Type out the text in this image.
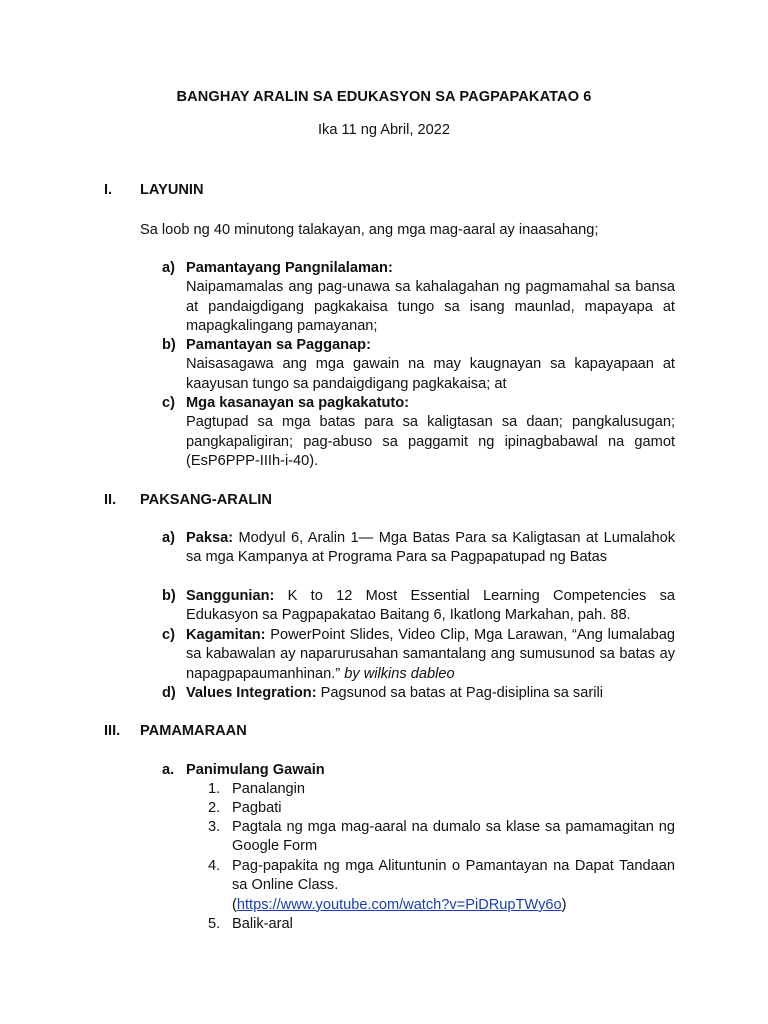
BANGHAY ARALIN SA EDUKASYON SA PAGPAPAKATAO 6
Ika 11 ng Abril, 2022
I. LAYUNIN
Sa loob ng 40 minutong talakayan, ang mga mag-aaral ay inaasahang;
a) Pamantayang Pangnilalaman:
Naipamamalas ang pag-unawa sa kahalagahan ng pagmamahal sa bansa at pandaigdigang pagkakaisa tungo sa isang maunlad, mapayapa at mapagkalingang pamayanan;
b) Pamantayan sa Pagganap:
Naisasagawa ang mga gawain na may kaugnayan sa kapayapaan at kaayusan tungo sa pandaigdigang pagkakaisa; at
c) Mga kasanayan sa pagkakatuto:
Pagtupad sa mga batas para sa kaligtasan sa daan; pangkalusugan; pangkapaligiran; pag-abuso sa paggamit ng ipinagbabawal na gamot (EsP6PPP-IIIh-i-40).
II. PAKSANG-ARALIN
a) Paksa: Modyul 6, Aralin 1— Mga Batas Para sa Kaligtasan at Lumalahok sa mga Kampanya at Programa Para sa Pagpapatupad ng Batas
b) Sanggunian: K to 12 Most Essential Learning Competencies sa Edukasyon sa Pagpapakatao Baitang 6, Ikatlong Markahan, pah. 88.
c) Kagamitan: PowerPoint Slides, Video Clip, Mga Larawan, “Ang lumalabag sa kabawalan ay naparurusahan samantalang ang sumusunod sa batas ay napagpapaumanhinan.” by wilkins dableo
d) Values Integration: Pagsunod sa batas at Pag-disiplina sa sarili
III. PAMAMARAAN
a. Panimulang Gawain
1. Panalangin
2. Pagbati
3. Pagtala ng mga mag-aaral na dumalo sa klase sa pamamagitan ng Google Form
4. Pag-papakita ng mga Alituntunin o Pamantayan na Dapat Tandaan sa Online Class.
(https://www.youtube.com/watch?v=PiDRupTWy6o)
5. Balik-aral
